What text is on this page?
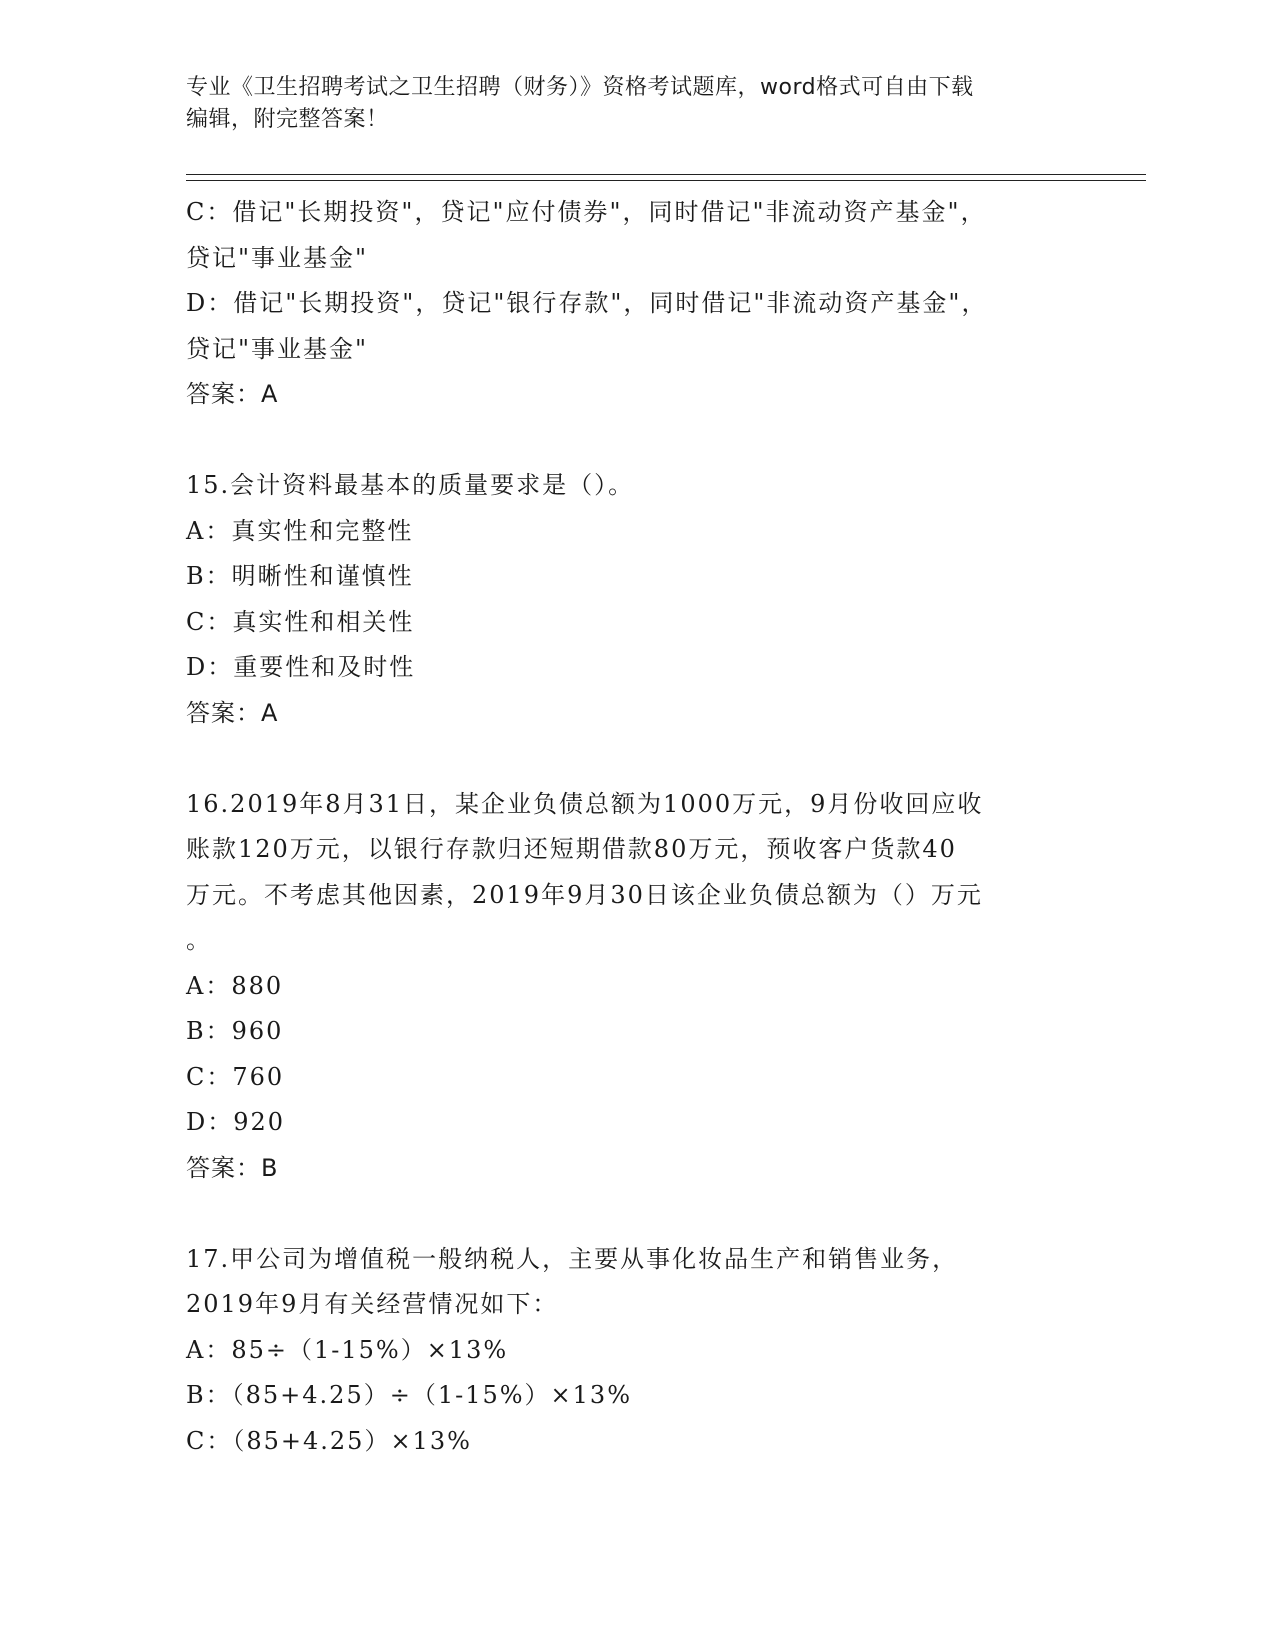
专业《卫生招聘考试之卫生招聘（财务）》资格考试题库，word格式可自由下载
编辑，附完整答案！
C：借记"长期投资"，贷记"应付债券"，同时借记"非流动资产基金"，
贷记"事业基金"
D：借记"长期投资"，贷记"银行存款"，同时借记"非流动资产基金"，
贷记"事业基金"
答案：A
15.会计资料最基本的质量要求是（）。
A：真实性和完整性
B：明晰性和谨慎性
C：真实性和相关性
D：重要性和及时性
答案：A
16.2019年8月31日，某企业负债总额为1000万元，9月份收回应收
账款120万元，以银行存款归还短期借款80万元，预收客户货款40
万元。不考虑其他因素，2019年9月30日该企业负债总额为（）万元
。
A：880
B：960
C：760
D：920
答案：B
17.甲公司为增值税一般纳税人，主要从事化妆品生产和销售业务，
2019年9月有关经营情况如下：
A：85÷（1-15%）×13%
B：（85+4.25）÷（1-15%）×13%
C：（85+4.25）×13%
